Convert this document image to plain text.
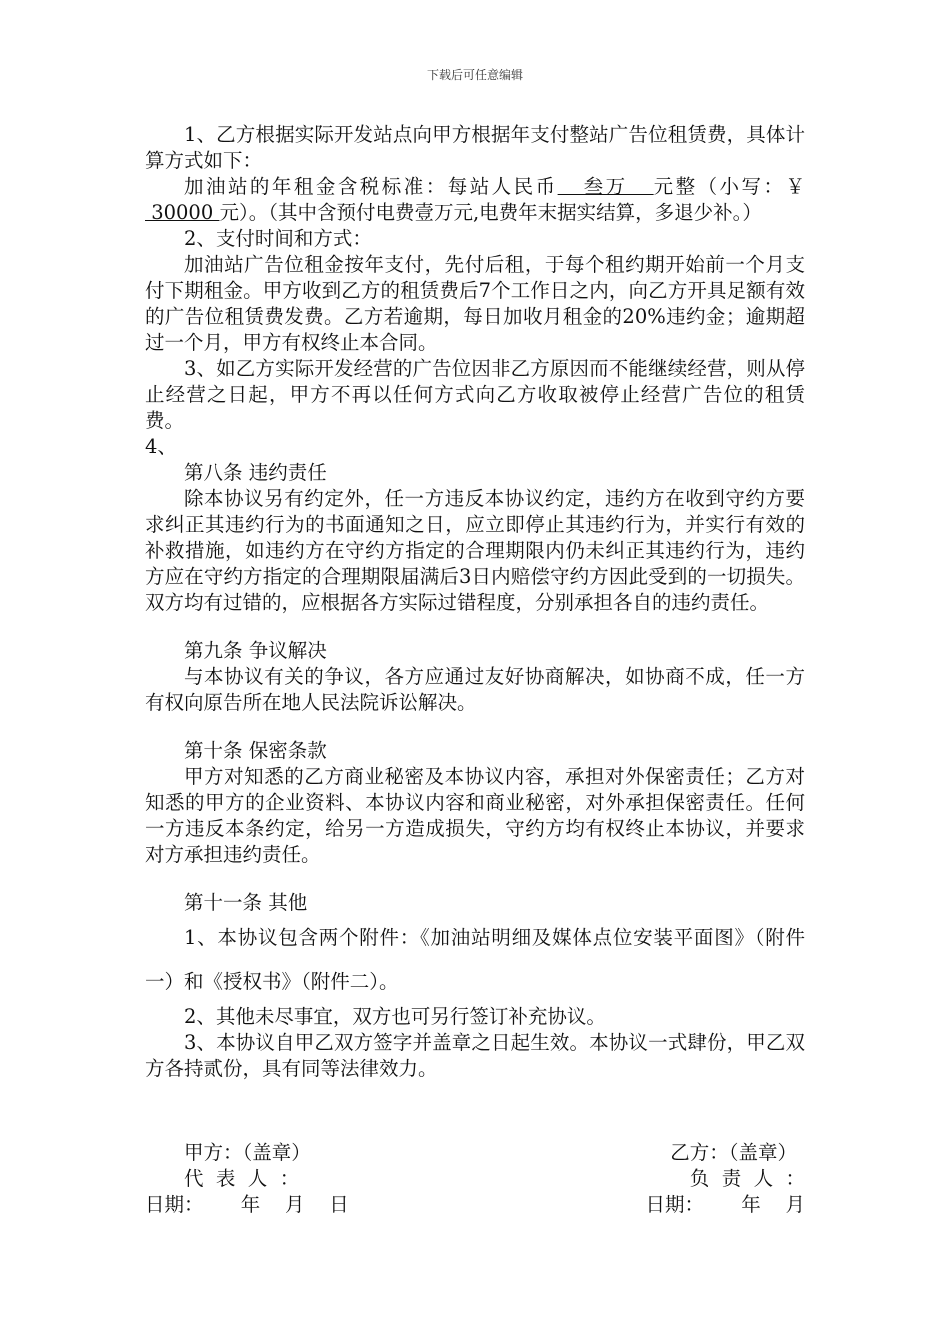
下载后可任意编辑

1、乙方根据实际开发站点向甲方根据年支付整站广告位租赁费，具体计算方式如下：

加油站的年租金含税标准：每站人民币   叁万   元整（小写：￥ 30000 元）。（其中含预付电费壹万元,电费年末据实结算，多退少补。）

2、支付时间和方式：

加油站广告位租金按年支付，先付后租，于每个租约期开始前一个月支付下期租金。甲方收到乙方的租赁费后7个工作日之内，向乙方开具足额有效的广告位租赁费发费。乙方若逾期，每日加收月租金的20%违约金；逾期超过一个月，甲方有权终止本合同。

3、如乙方实际开发经营的广告位因非乙方原因而不能继续经营，则从停止经营之日起，甲方不再以任何方式向乙方收取被停止经营广告位的租赁费。

4、

第八条 违约责任

除本协议另有约定外，任一方违反本协议约定，违约方在收到守约方要求纠正其违约行为的书面通知之日，应立即停止其违约行为，并实行有效的补救措施，如违约方在守约方指定的合理期限内仍未纠正其违约行为，违约方应在守约方指定的合理期限届满后3日内赔偿守约方因此受到的一切损失。双方均有过错的，应根据各方实际过错程度，分别承担各自的违约责任。

第九条 争议解决

与本协议有关的争议，各方应通过友好协商解决，如协商不成，任一方有权向原告所在地人民法院诉讼解决。

第十条 保密条款

甲方对知悉的乙方商业秘密及本协议内容，承担对外保密责任；乙方对知悉的甲方的企业资料、本协议内容和商业秘密，对外承担保密责任。任何一方违反本条约定，给另一方造成损失，守约方均有权终止本协议，并要求对方承担违约责任。

第十一条 其他

1、本协议包含两个附件：《加油站明细及媒体点位安装平面图》（附件一）和《授权书》（附件二）。

2、其他未尽事宜，双方也可另行签订补充协议。

3、本协议自甲乙双方签字并盖章之日起生效。本协议一式肆份，甲乙双方各持贰份，具有同等法律效力。

甲方：（盖章）	乙方：（盖章）
代  表  人  ：	负  责  人  ：
日期：      年    月    日	日期：      年    月
